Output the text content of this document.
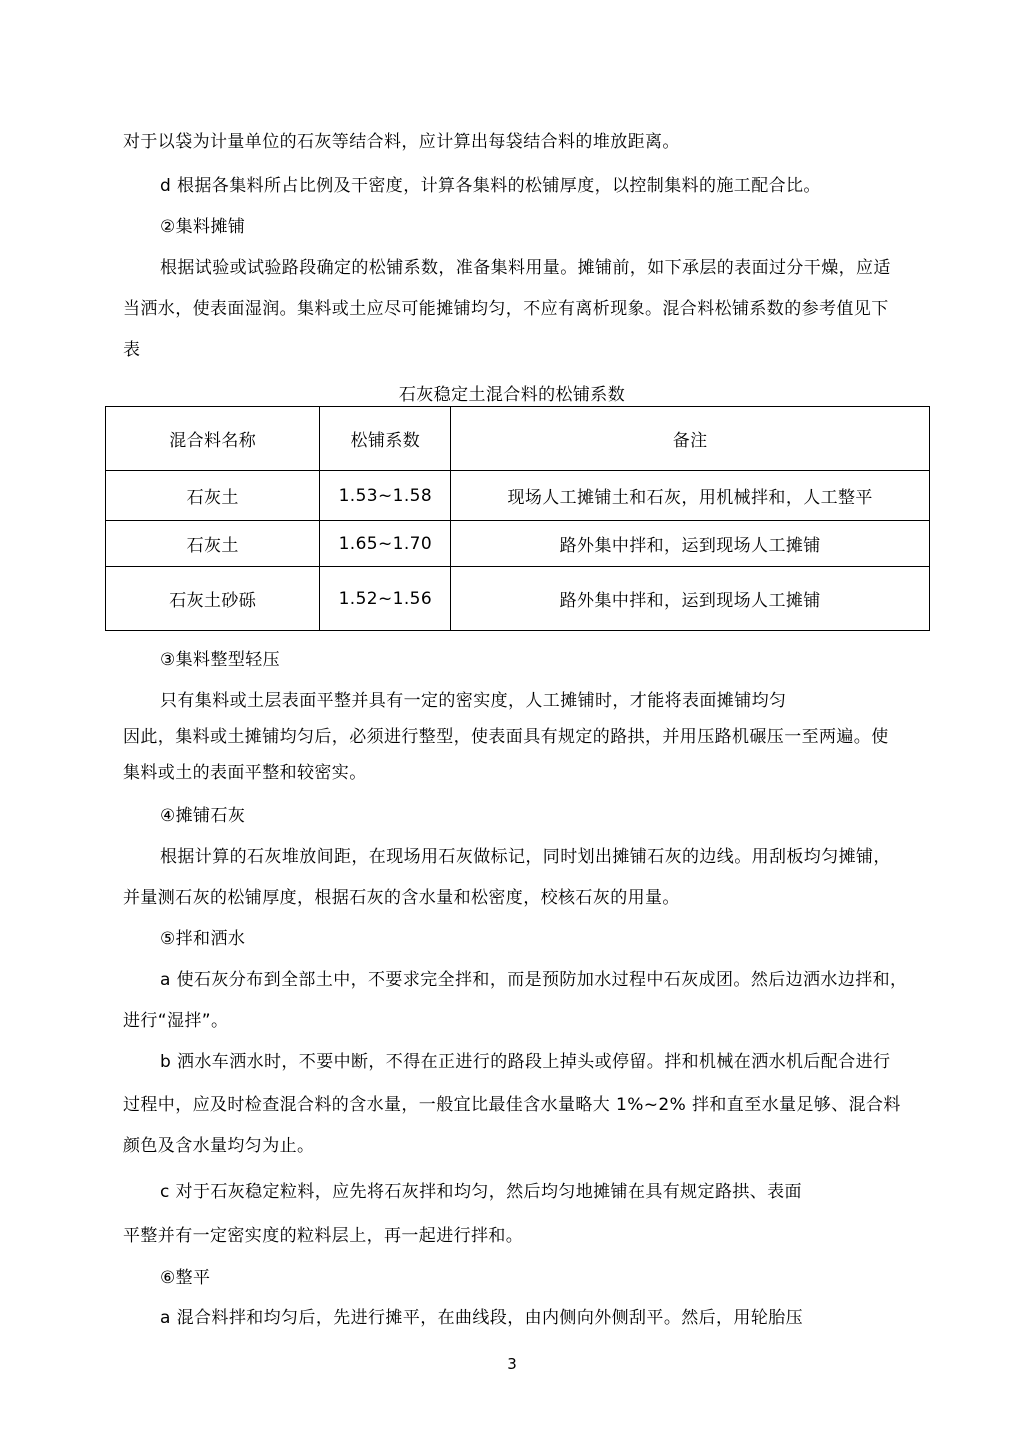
对于以袋为计量单位的石灰等结合料，应计算出每袋结合料的堆放距离。
d 根据各集料所占比例及干密度，计算各集料的松铺厚度，以控制集料的施工配合比。
②集料摊铺
根据试验或试验路段确定的松铺系数，准备集料用量。摊铺前，如下承层的表面过分干燥，应适
当洒水，使表面湿润。集料或土应尽可能摊铺均匀，不应有离析现象。混合料松铺系数的参考值见下
表
石灰稳定土混合料的松铺系数
混合料名称	松铺系数	备注
石灰土	1.53~1.58	现场人工摊铺土和石灰，用机械拌和，人工整平
石灰土	1.65~1.70	路外集中拌和，运到现场人工摊铺
石灰土砂砾	1.52~1.56	路外集中拌和，运到现场人工摊铺
③集料整型轻压
只有集料或土层表面平整并具有一定的密实度，人工摊铺时，才能将表面摊铺均匀
因此，集料或土摊铺均匀后，必须进行整型，使表面具有规定的路拱，并用压路机碾压一至两遍。使
集料或土的表面平整和较密实。
④摊铺石灰
根据计算的石灰堆放间距，在现场用石灰做标记，同时划出摊铺石灰的边线。用刮板均匀摊铺，
并量测石灰的松铺厚度，根据石灰的含水量和松密度，校核石灰的用量。
⑤拌和洒水
a 使石灰分布到全部土中，不要求完全拌和，而是预防加水过程中石灰成团。然后边洒水边拌和，
进行“湿拌”。
b 洒水车洒水时，不要中断，不得在正进行的路段上掉头或停留。拌和机械在洒水机后配合进行
过程中，应及时检查混合料的含水量，一般宜比最佳含水量略大 1%~2% 拌和直至水量足够、混合料
颜色及含水量均匀为止。
c 对于石灰稳定粒料，应先将石灰拌和均匀，然后均匀地摊铺在具有规定路拱、表面
平整并有一定密实度的粒料层上，再一起进行拌和。
⑥整平
a 混合料拌和均匀后，先进行摊平，在曲线段，由内侧向外侧刮平。然后，用轮胎压
3
